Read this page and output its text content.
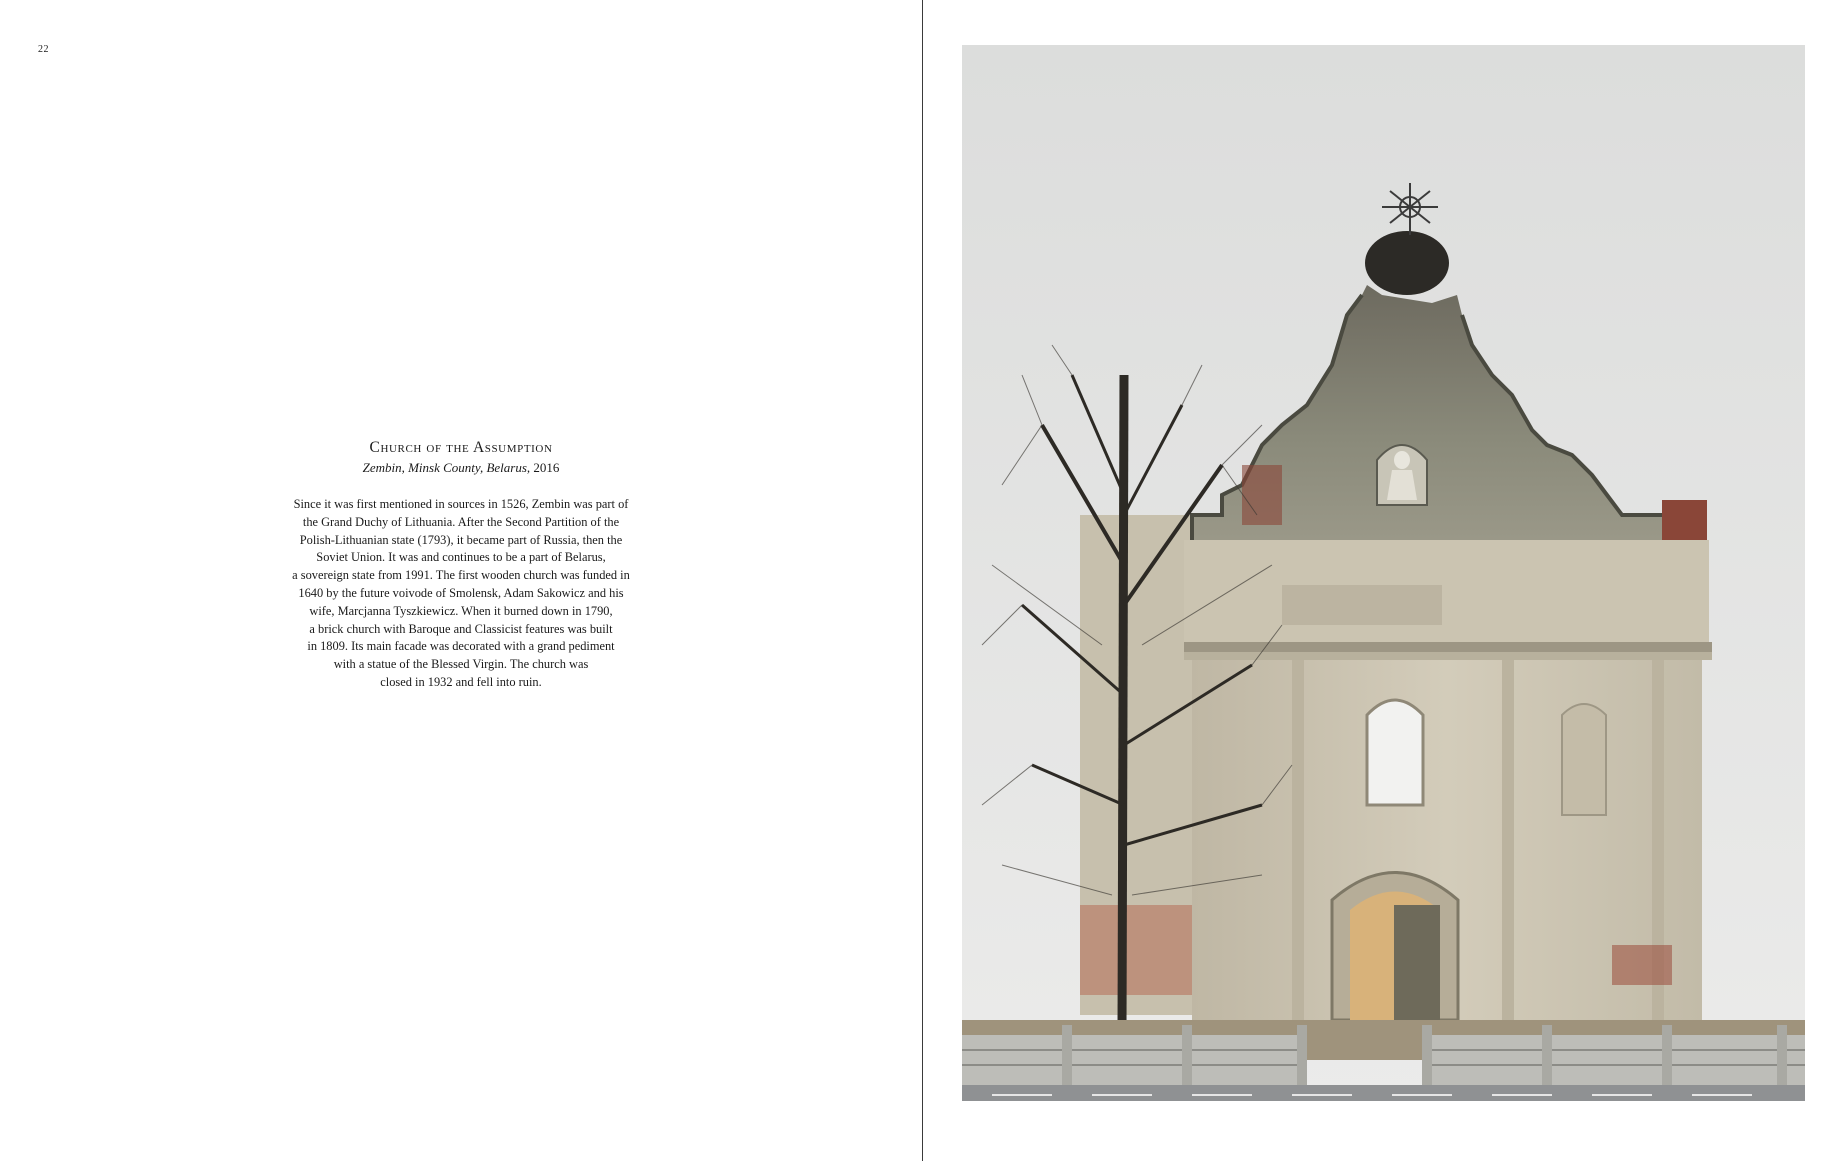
22
Church of the Assumption
Zembin, Minsk County, Belarus, 2016
Since it was first mentioned in sources in 1526, Zembin was part of
the Grand Duchy of Lithuania. After the Second Partition of the
Polish-Lithuanian state (1793), it became part of Russia, then the
Soviet Union. It was and continues to be a part of Belarus,
a sovereign state from 1991. The first wooden church was funded in
1640 by the future voivode of Smolensk, Adam Sakowicz and his
wife, Marcjanna Tyszkiewicz. When it burned down in 1790,
a brick church with Baroque and Classicist features was built
in 1809. Its main facade was decorated with a grand pediment
with a statue of the Blessed Virgin. The church was
closed in 1932 and fell into ruin.
